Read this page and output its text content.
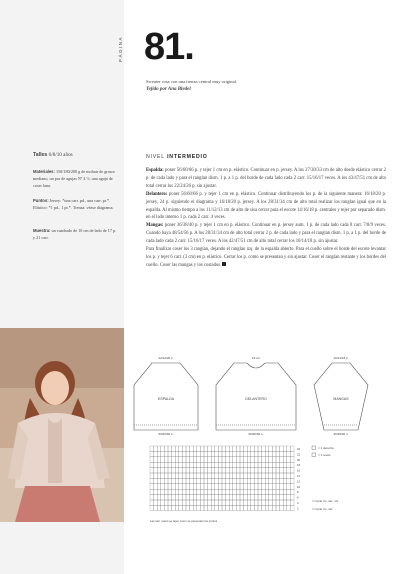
PÁGINA 81.
Sweater rosa con una trenza central muy original.
Tejido por Ana Bledel
Talles 6/8/10 años
Materiales: 150/180/200 g de mohair de grosor mediano, un par de agujas Nº 4 ½, una aguja de coser lana.
Puntos: Jersey: *una carr. pd., una carr. pr.*. Elástico: *1 pd., 1 pr.*. Trenza: véase diagrama.
Muestra: un cuadrado de 10 cm de lado de 17 p. y 21 carr.
NIVEL INTERMEDIO

Espalda: poner 56/60/66 p. y tejer 1 cm en p. elástico. Continuar en p. jersey. A los 27/30/33 cm de alto desde elástico cerrar 2 p. de cada lado y para el ranglan dism. 1 p. a 1 p. del borde de cada lado cada 2 carr. 15/16/17 veces. A los 43/47/51 cm de alto total cerrar los 22/24/26 p. sin ajustar.

Delantero: poner 56/60/66 p. y tejer 1 cm en p. elástico. Continuar distribuyendo los p. de la siguiente manera: 16/18/20 p. jersey, 24 p. siguiendo el diagrama y 16/18/20 p. jersey. A los 28/31/34 cm de alto total realizar los ranglan igual que en la espalda. Al mismo tiempo a los 11/12/13 cm de alto de sisa cerrar para el escote 14/16/18 p. centrales y tejer por separado dism. en el lado interno 1 p. cada 2 carr. 4 veces.

Mangas: poner 36/38/40 p. y tejer 1 cm en p. elástico. Continuar en p. jersey aum. 1 p. de cada lado cada 8 carr. 7/8/9 veces. Cuando haya 48/54/56 p. A los 28/31/34 cm de alto total cerrar 2 p. de cada lado y para el ranglan dism. 1 p. a 1 p. del borde de cada lado cada 2 carr. 15/16/17 veces. A los 42/47/51 cm de alto total cerrar los 10/14/18 p. sin ajustar.

Para finalizar coser los 3 ranglan, dejando el ranglan izq. de la espalda abierto. Para el cuello sobre el borde del escote levantar los p. y tejer 6 carr. (3 cm) en p. elástico. Cerrar los p. como se presentan y sin ajustar. Coser el ranglan restante y los bordes del cuello. Coser las mangas y los costados.

ESPALDA	DELANTERO	MANGAS
22/24/26 p.	15 cm	10/14/18 p.
56/60/66 p.	56/60/66 p.	36/38/40 p.
24
22
20
18
16
14
12
10
8
6
4
2
= 1 derecho
= 1 revés
= cruzar 4 p. der., izq.
= cruzar 4 p. der.
Las carr. pares se tejen como se presentan los puntos
